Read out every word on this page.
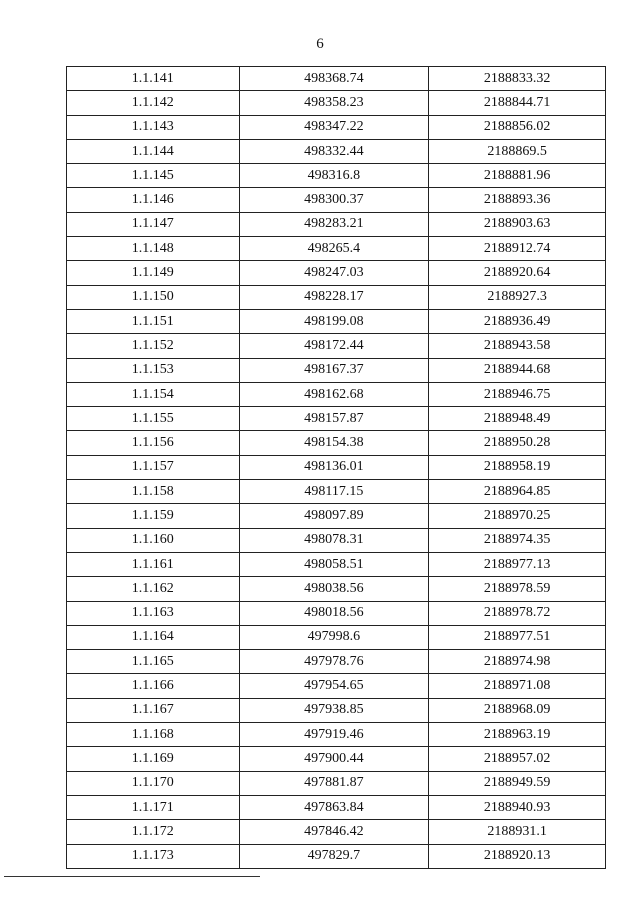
6
1.1.141	498368.74	2188833.32
1.1.142	498358.23	2188844.71
1.1.143	498347.22	2188856.02
1.1.144	498332.44	2188869.5
1.1.145	498316.8	2188881.96
1.1.146	498300.37	2188893.36
1.1.147	498283.21	2188903.63
1.1.148	498265.4	2188912.74
1.1.149	498247.03	2188920.64
1.1.150	498228.17	2188927.3
1.1.151	498199.08	2188936.49
1.1.152	498172.44	2188943.58
1.1.153	498167.37	2188944.68
1.1.154	498162.68	2188946.75
1.1.155	498157.87	2188948.49
1.1.156	498154.38	2188950.28
1.1.157	498136.01	2188958.19
1.1.158	498117.15	2188964.85
1.1.159	498097.89	2188970.25
1.1.160	498078.31	2188974.35
1.1.161	498058.51	2188977.13
1.1.162	498038.56	2188978.59
1.1.163	498018.56	2188978.72
1.1.164	497998.6	2188977.51
1.1.165	497978.76	2188974.98
1.1.166	497954.65	2188971.08
1.1.167	497938.85	2188968.09
1.1.168	497919.46	2188963.19
1.1.169	497900.44	2188957.02
1.1.170	497881.87	2188949.59
1.1.171	497863.84	2188940.93
1.1.172	497846.42	2188931.1
1.1.173	497829.7	2188920.13
